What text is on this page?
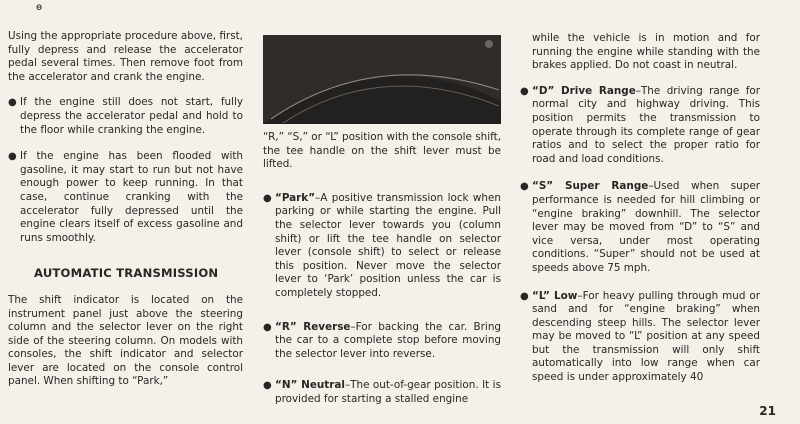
ɵ

Using the appropriate procedure above, first, fully depress and release the accelerator pedal several times. Then remove foot from the accelerator and crank the engine.

● If the engine still does not start, fully depress the accelerator pedal and hold to the floor while cranking the engine.
● If the engine has been flooded with gasoline, it may start to run but not have enough power to keep running. In that case, continue cranking with the accelerator fully depressed until the engine clears itself of excess gasoline and runs smoothly.
AUTOMATIC TRANSMISSION

The shift indicator is located on the instrument panel just above the steering column and the selector lever on the right side of the steering column. On models with consoles, the shift indicator and selector lever are located on the console control panel. When shifting to “Park,”

“R,” “S,” or “L” position with the console shift, the tee handle on the shift lever must be lifted.

● “Park”–A positive transmission lock when parking or while starting the engine. Pull the selector lever towards you (column shift) or lift the tee handle on selector lever (console shift) to select or release this position. Never move the selector lever to ‘Park’ position unless the car is completely stopped.
● “R” Reverse–For backing the car. Bring the car to a complete stop before moving the selector lever into reverse.
● “N” Neutral–The out-of-gear position. It is provided for starting a stalled engine

while the vehicle is in motion and for running the engine while standing with the brakes applied. Do not coast in neutral.

● “D” Drive Range–The driving range for normal city and highway driving. This position permits the transmission to operate through its complete range of gear ratios and to select the proper ratio for road and load conditions.
● “S” Super Range–Used when super performance is needed for hill climbing or “engine braking” downhill. The selector lever may be moved from “D” to “S” and vice versa, under most operating conditions. “Super” should not be used at speeds above 75 mph.
● “L” Low–For heavy pulling through mud or sand and for “engine braking” when descending steep hills. The selector lever may be moved to “L” position at any speed but the transmission will only shift automatically into low range when car speed is under approximately 40
21
